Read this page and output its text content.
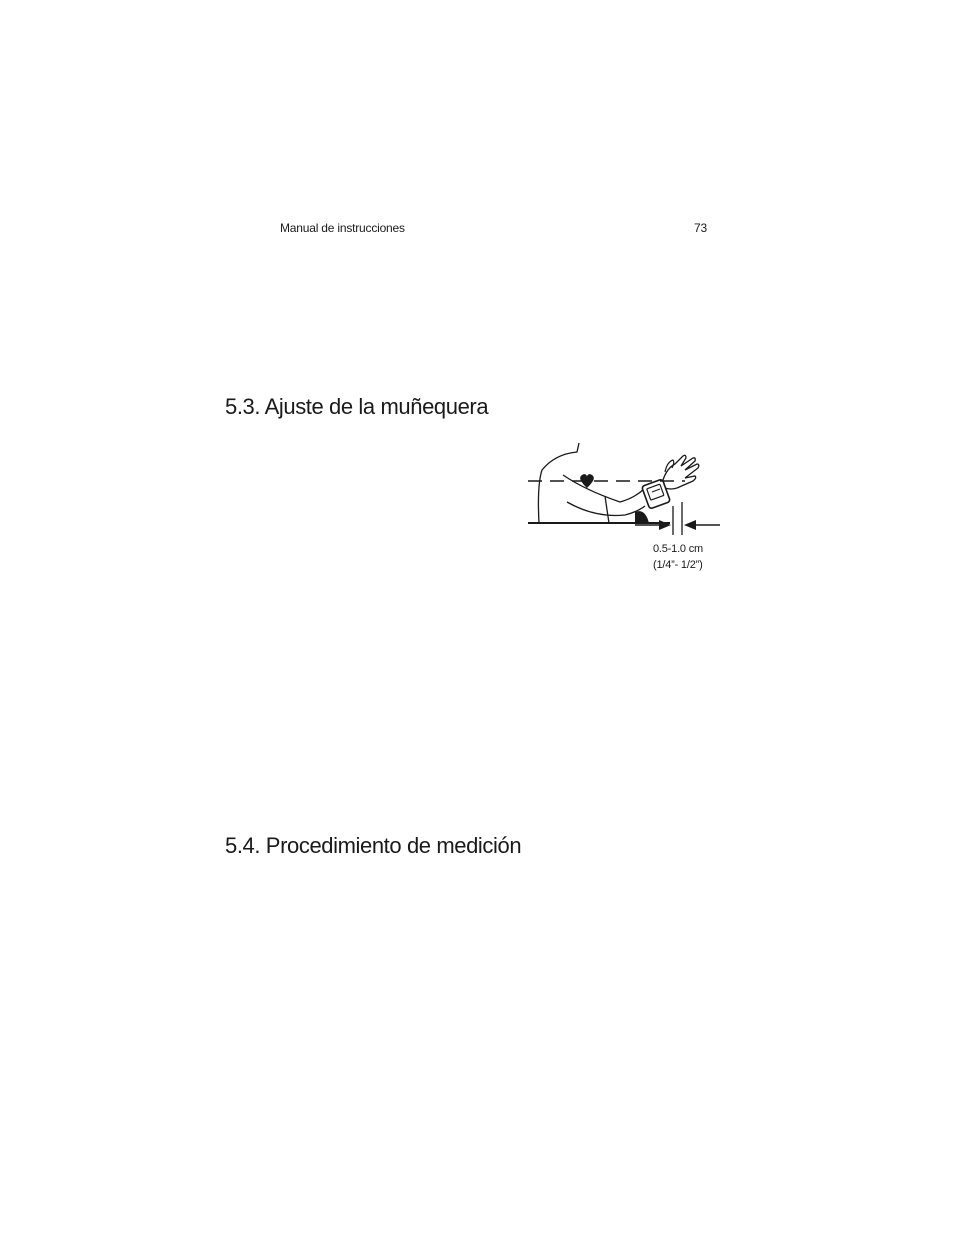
Manual de instrucciones	73
5.3. Ajuste de la muñequera
0.5-1.0 cm
(1/4”- 1/2”)
5.4. Procedimiento de medición
